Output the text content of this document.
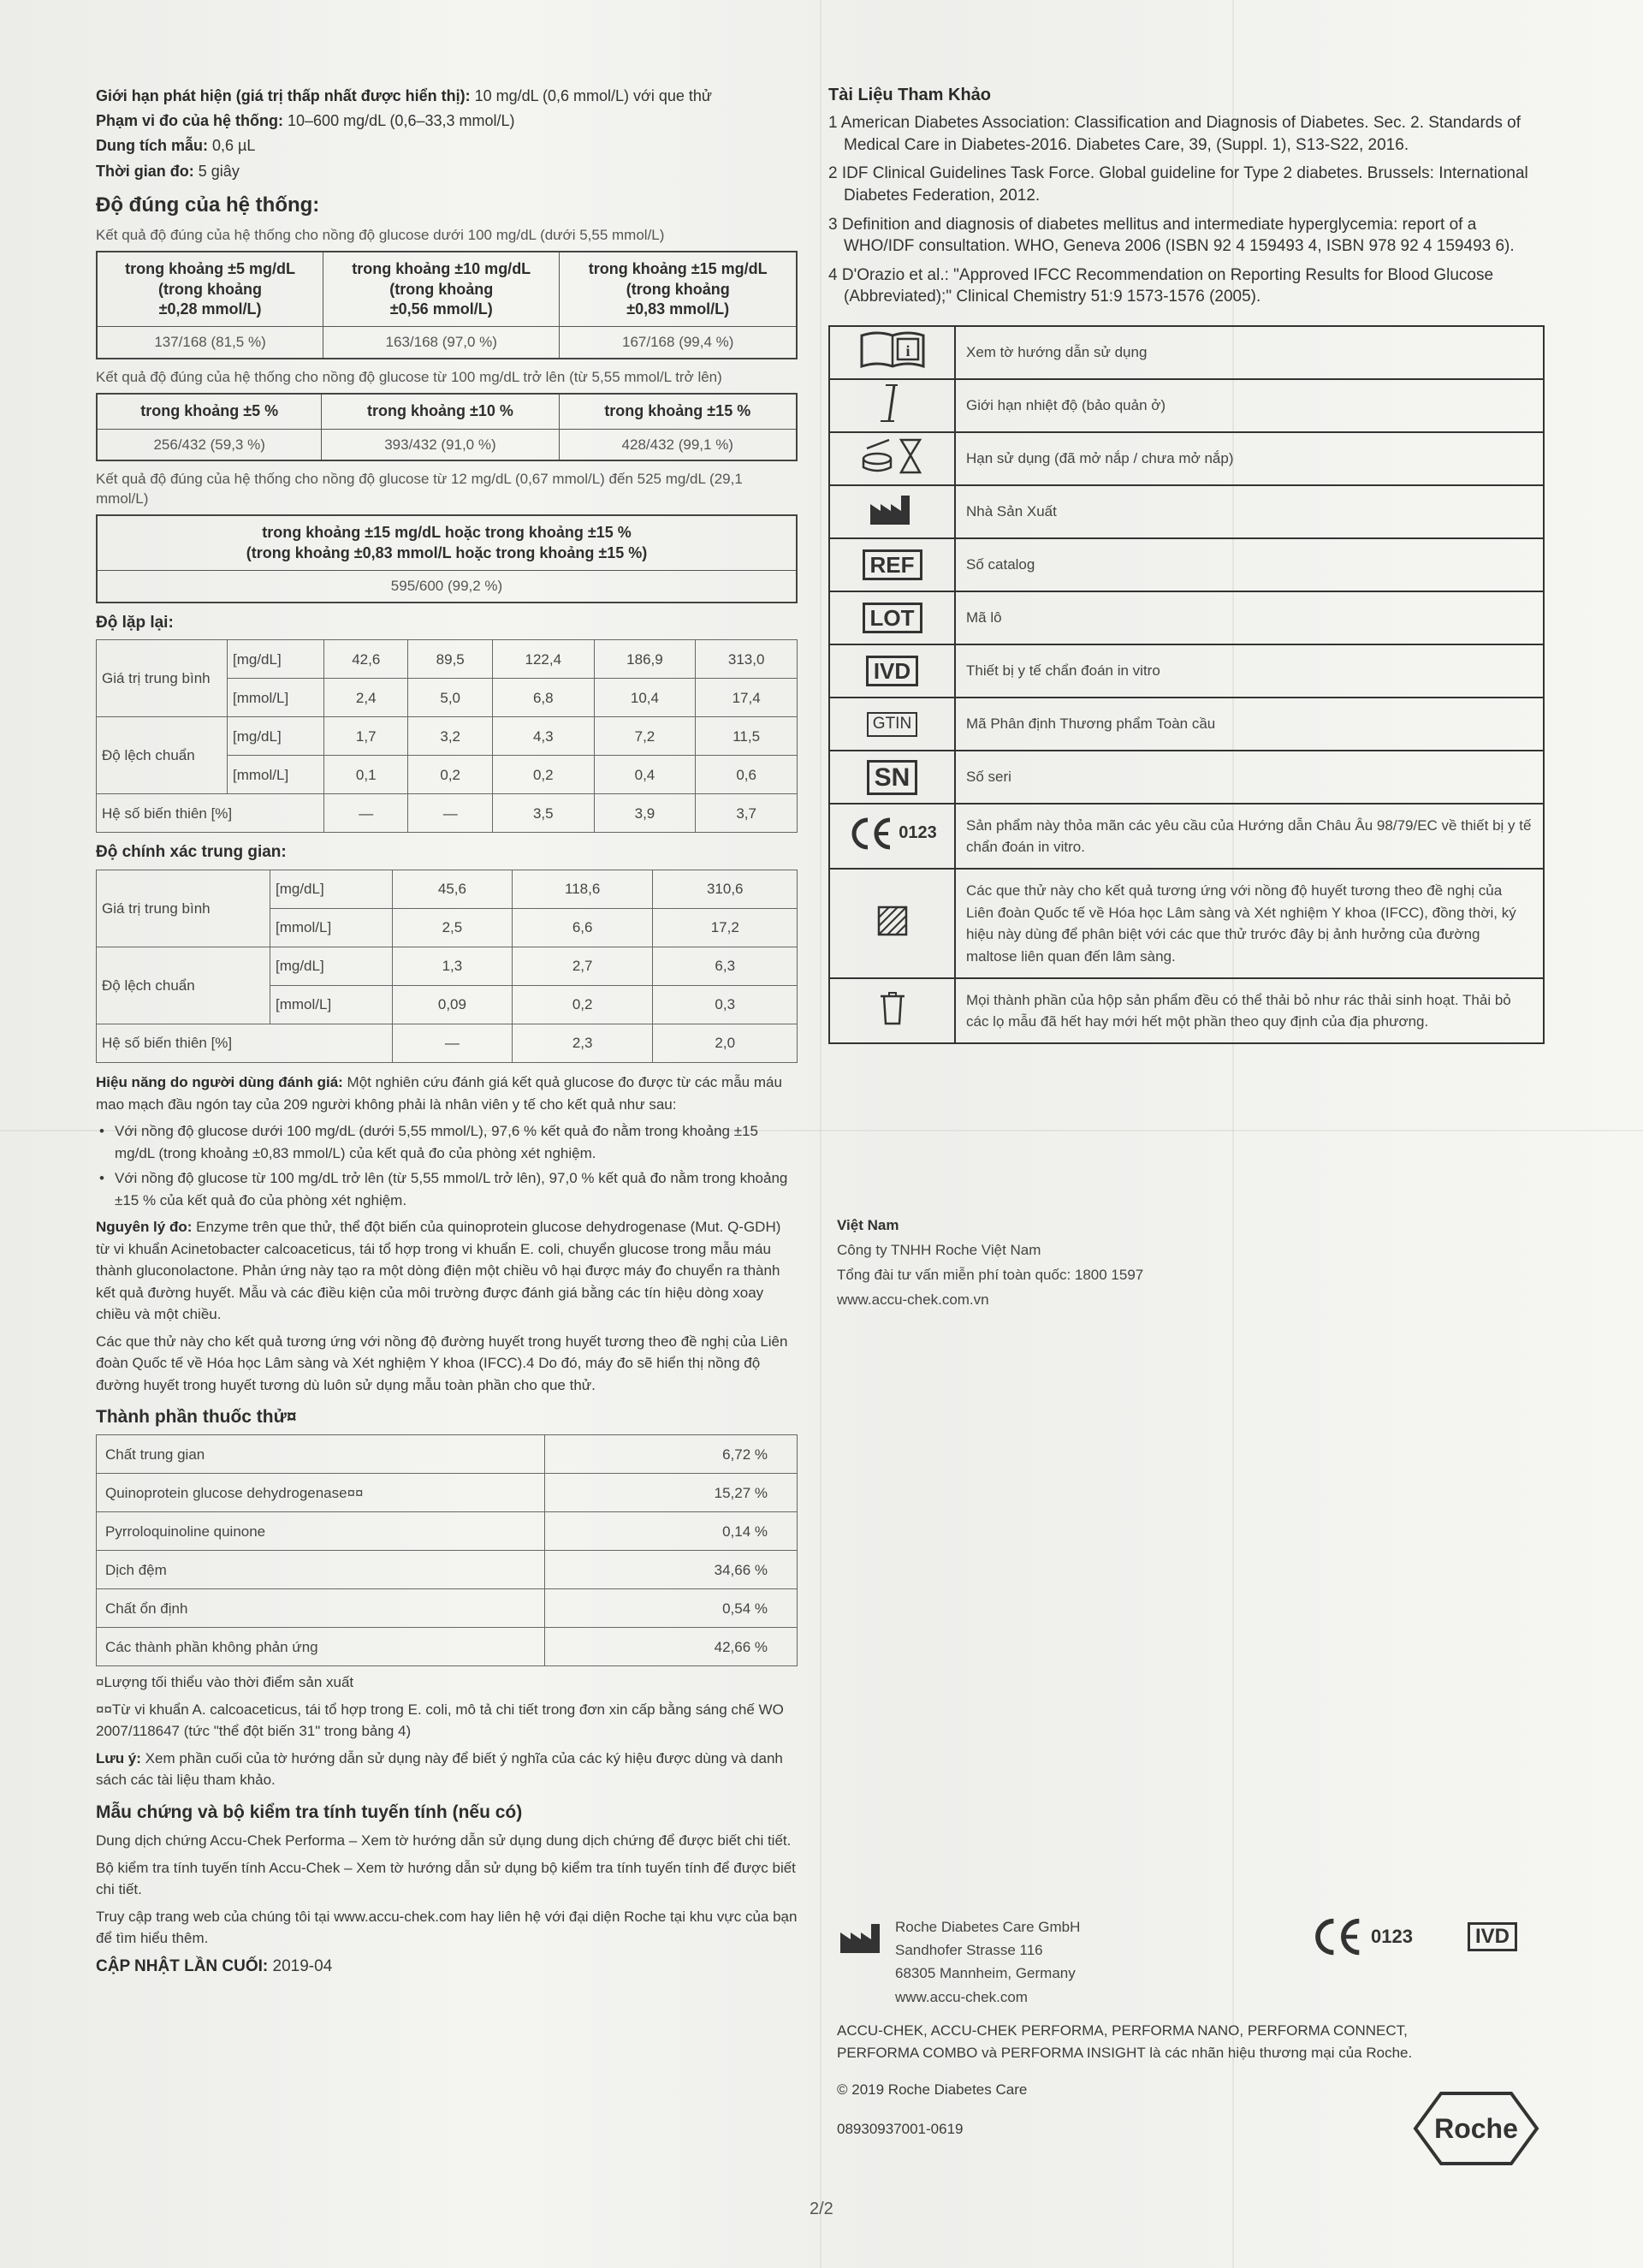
Giới hạn phát hiện (giá trị thấp nhất được hiển thị): 10 mg/dL (0,6 mmol/L) với que thử

Phạm vi đo của hệ thống: 10–600 mg/dL (0,6–33,3 mmol/L)

Dung tích mẫu: 0,6 µL

Thời gian đo: 5 giây

Độ đúng của hệ thống:

Kết quả độ đúng của hệ thống cho nồng độ glucose dưới 100 mg/dL (dưới 5,55 mmol/L)

trong khoảng ±5 mg/dL
(trong khoảng
±0,28 mmol/L)	trong khoảng ±10 mg/dL
(trong khoảng
±0,56 mmol/L)	trong khoảng ±15 mg/dL
(trong khoảng
±0,83 mmol/L)
137/168 (81,5 %)	163/168 (97,0 %)	167/168 (99,4 %)

Kết quả độ đúng của hệ thống cho nồng độ glucose từ 100 mg/dL trở lên (từ 5,55 mmol/L trở lên)

trong khoảng ±5 %	trong khoảng ±10 %	trong khoảng ±15 %
256/432 (59,3 %)	393/432 (91,0 %)	428/432 (99,1 %)

Kết quả độ đúng của hệ thống cho nồng độ glucose từ 12 mg/dL (0,67 mmol/L) đến 525 mg/dL (29,1 mmol/L)

trong khoảng ±15 mg/dL hoặc trong khoảng ±15 %
(trong khoảng ±0,83 mmol/L hoặc trong khoảng ±15 %)
595/600 (99,2 %)
Độ lặp lại:
Giá trị trung bình	[mg/dL]	42,6	89,5	122,4	186,9	313,0
	[mmol/L]	2,4	5,0	6,8	10,4	17,4
Độ lệch chuẩn	[mg/dL]	1,7	3,2	4,3	7,2	11,5
	[mmol/L]	0,1	0,2	0,2	0,4	0,6
Hệ số biến thiên [%]		—	—	3,5	3,9	3,7
Độ chính xác trung gian:
Giá trị trung bình	[mg/dL]	45,6	118,6	310,6
	[mmol/L]	2,5	6,6	17,2
Độ lệch chuẩn	[mg/dL]	1,3	2,7	6,3
	[mmol/L]	0,09	0,2	0,3
Hệ số biến thiên [%]		—	2,3	2,0

Hiệu năng do người dùng đánh giá: Một nghiên cứu đánh giá kết quả glucose đo được từ các mẫu máu mao mạch đầu ngón tay của 209 người không phải là nhân viên y tế cho kết quả như sau:

• Với nồng độ glucose dưới 100 mg/dL (dưới 5,55 mmol/L), 97,6 % kết quả đo nằm trong khoảng ±15 mg/dL (trong khoảng ±0,83 mmol/L) của kết quả đo của phòng xét nghiệm.

• Với nồng độ glucose từ 100 mg/dL trở lên (từ 5,55 mmol/L trở lên), 97,0 % kết quả đo nằm trong khoảng ±15 % của kết quả đo của phòng xét nghiệm.

Nguyên lý đo: Enzyme trên que thử, thể đột biến của quinoprotein glucose dehydrogenase (Mut. Q-GDH) từ vi khuẩn Acinetobacter calcoaceticus, tái tổ hợp trong vi khuẩn E. coli, chuyển glucose trong mẫu máu thành gluconolactone. Phản ứng này tạo ra một dòng điện một chiều vô hại được máy đo chuyển ra thành kết quả đường huyết. Mẫu và các điều kiện của môi trường được đánh giá bằng các tín hiệu dòng xoay chiều và một chiều.

Các que thử này cho kết quả tương ứng với nồng độ đường huyết trong huyết tương theo đề nghị của Liên đoàn Quốc tế về Hóa học Lâm sàng và Xét nghiệm Y khoa (IFCC).4 Do đó, máy đo sẽ hiển thị nồng độ đường huyết trong huyết tương dù luôn sử dụng mẫu toàn phần cho que thử.

Thành phần thuốc thử¤
Chất trung gian	6,72 %
Quinoprotein glucose dehydrogenase¤¤	15,27 %
Pyrroloquinoline quinone	0,14 %
Dịch đệm	34,66 %
Chất ổn định	0,54 %
Các thành phần không phản ứng	42,66 %

¤Lượng tối thiểu vào thời điểm sản xuất

¤¤Từ vi khuẩn A. calcoaceticus, tái tổ hợp trong E. coli, mô tả chi tiết trong đơn xin cấp bằng sáng chế WO 2007/118647 (tức "thể đột biến 31" trong bảng 4)

Lưu ý: Xem phần cuối của tờ hướng dẫn sử dụng này để biết ý nghĩa của các ký hiệu được dùng và danh sách các tài liệu tham khảo.

Mẫu chứng và bộ kiểm tra tính tuyến tính (nếu có)

Dung dịch chứng Accu-Chek Performa – Xem tờ hướng dẫn sử dụng dung dịch chứng để được biết chi tiết.

Bộ kiểm tra tính tuyến tính Accu-Chek – Xem tờ hướng dẫn sử dụng bộ kiểm tra tính tuyến tính để được biết chi tiết.

Truy cập trang web của chúng tôi tại www.accu-chek.com hay liên hệ với đại diện Roche tại khu vực của bạn để tìm hiểu thêm.

CẬP NHẬT LẦN CUỐI: 2019-04

Tài Liệu Tham Khảo

1 American Diabetes Association: Classification and Diagnosis of Diabetes. Sec. 2. Standards of Medical Care in Diabetes-2016. Diabetes Care, 39, (Suppl. 1), S13-S22, 2016.

2 IDF Clinical Guidelines Task Force. Global guideline for Type 2 diabetes. Brussels: International Diabetes Federation, 2012.

3 Definition and diagnosis of diabetes mellitus and intermediate hyperglycemia: report of a WHO/IDF consultation. WHO, Geneva 2006 (ISBN 92 4 159493 4, ISBN 978 92 4 159493 6).

4 D'Orazio et al.: "Approved IFCC Recommendation on Reporting Results for Blood Glucose (Abbreviated);" Clinical Chemistry 51:9 1573-1576 (2005).

i	Xem tờ hướng dẫn sử dụng
	Giới hạn nhiệt độ (bảo quản ở)
	Hạn sử dụng (đã mở nắp / chưa mở nắp)
	Nhà Sản Xuất
REF	Số catalog
LOT	Mã lô
IVD	Thiết bị y tế chẩn đoán in vitro
GTIN	Mã Phân định Thương phẩm Toàn cầu
SN	Số seri

0123	Sản phẩm này thỏa mãn các yêu cầu của Hướng dẫn Châu Âu 98/79/EC về thiết bị y tế chẩn đoán in vitro.
	Các que thử này cho kết quả tương ứng với nồng độ huyết tương theo đề nghị của Liên đoàn Quốc tế về Hóa học Lâm sàng và Xét nghiệm Y khoa (IFCC), đồng thời, ký hiệu này dùng để phân biệt với các que thử trước đây bị ảnh hưởng của đường maltose liên quan đến lâm sàng.
	Mọi thành phần của hộp sản phẩm đều có thể thải bỏ như rác thải sinh hoạt. Thải bỏ các lọ mẫu đã hết hay mới hết một phần theo quy định của địa phương.
Việt Nam
Công ty TNHH Roche Việt Nam
Tổng đài tư vấn miễn phí toàn quốc: 1800 1597
www.accu-chek.com.vn
Roche Diabetes Care GmbH
Sandhofer Strasse 116
68305 Mannheim, Germany
www.accu-chek.com
0123	IVD
ACCU-CHEK, ACCU-CHEK PERFORMA, PERFORMA NANO, PERFORMA CONNECT, PERFORMA COMBO và PERFORMA INSIGHT là các nhãn hiệu thương mại của Roche.
© 2019 Roche Diabetes Care
08930937001-0619	Roche
2/2
